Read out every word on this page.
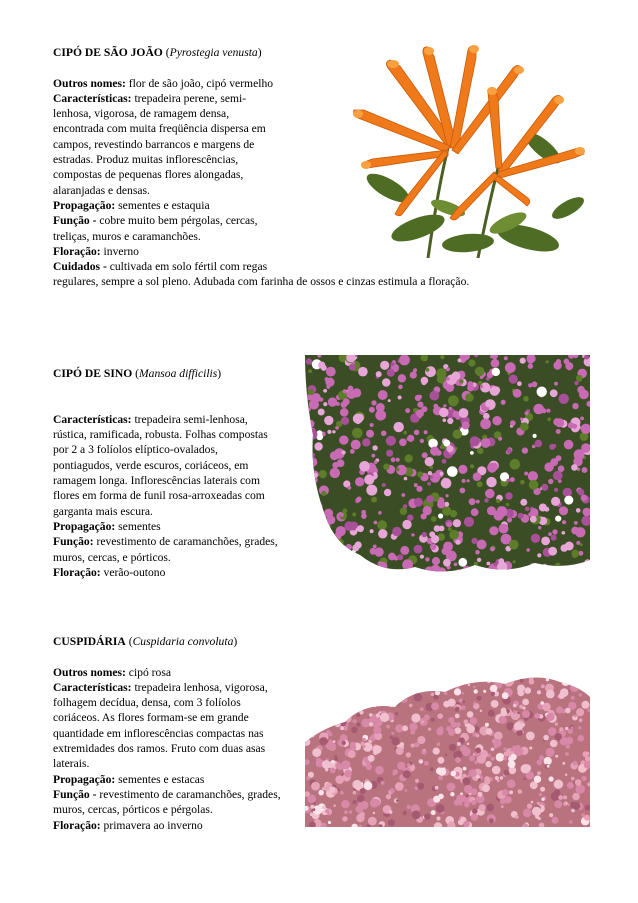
CIPÓ DE SÃO JOÃO (Pyrostegia venusta)
Outros nomes: flor de são joão, cipó vermelho
Características: trepadeira perene, semi-
lenhosa, vigorosa, de ramagem densa,
encontrada com muita freqüência dispersa em
campos, revestindo barrancos e margens de
estradas. Produz muitas inflorescências,
compostas de pequenas flores alongadas,
alaranjadas e densas.
Propagação: sementes e estaquia
Função - cobre muito bem pérgolas, cercas,
treliças, muros e caramanchões.
Floração: inverno
Cuidados - cultivada em solo fértil com regas
regulares, sempre a sol pleno. Adubada com farinha de ossos e cinzas estimula a floração.
CIPÓ DE SINO (Mansoa difficilis)
Características: trepadeira semi-lenhosa,
rústica, ramificada, robusta. Folhas compostas
por 2 a 3 folíolos elíptico-ovalados,
pontiagudos, verde escuros, coriáceos, em
ramagem longa. Inflorescências laterais com
flores em forma de funil rosa-arroxeadas com
garganta mais escura.
Propagação: sementes
Função: revestimento de caramanchões, grades,
muros, cercas, e pórticos.
Floração: verão-outono
CUSPIDÁRIA (Cuspidaria convoluta)
Outros nomes: cipó rosa
Características: trepadeira lenhosa, vigorosa,
folhagem decídua, densa, com 3 folíolos
coriáceos. As flores formam-se em grande
quantidade em inflorescências compactas nas
extremidades dos ramos. Fruto com duas asas
laterais.
Propagação: sementes e estacas
Função - revestimento de caramanchões, grades,
muros, cercas, pórticos e pérgolas.
Floração: primavera ao inverno
